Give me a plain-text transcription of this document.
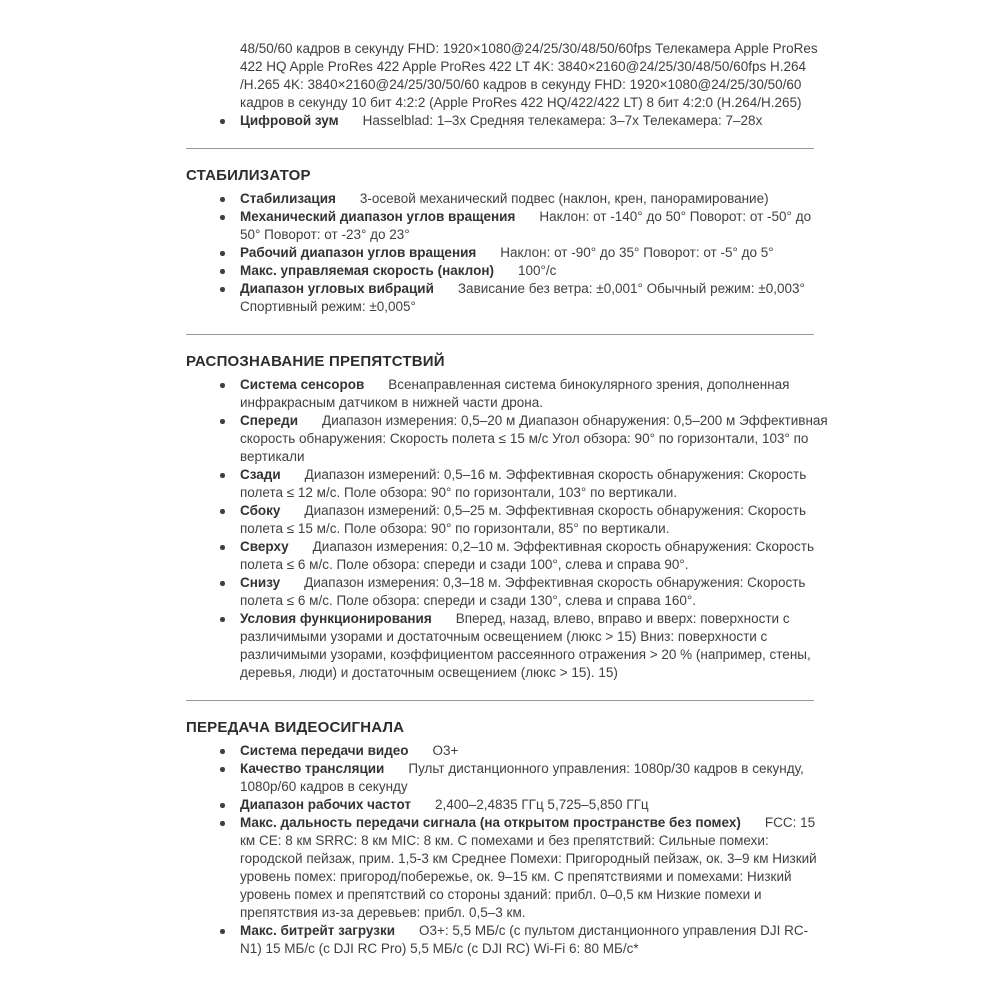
48/50/60 кадров в секунду FHD: 1920×1080@24/25/30/48/50/60fps Телекамера Apple ProRes 422 HQ Apple ProRes 422 Apple ProRes 422 LT 4K: 3840×2160@24/25/30/48/50/60fps H.264 /H.265 4K: 3840×2160@24/25/30/50/60 кадров в секунду FHD: 1920×1080@24/25/30/50/60 кадров в секунду 10 бит 4:2:2 (Apple ProRes 422 HQ/422/422 LT) 8 бит 4:2:0 (H.264/H.265)

Цифровой зум Hasselblad: 1–3x Средняя телекамера: 3–7x Телекамера: 7–28x
СТАБИЛИЗАТОР
Стабилизация 3-осевой механический подвес (наклон, крен, панорамирование)
Механический диапазон углов вращения Наклон: от -140° до 50° Поворот: от -50° до 50° Поворот: от -23° до 23°
Рабочий диапазон углов вращения Наклон: от -90° до 35° Поворот: от -5° до 5°
Макс. управляемая скорость (наклон) 100°/с
Диапазон угловых вибраций Зависание без ветра: ±0,001° Обычный режим: ±0,003° Спортивный режим: ±0,005°
РАСПОЗНАВАНИЕ ПРЕПЯТСТВИЙ
Система сенсоров Всенаправленная система бинокулярного зрения, дополненная инфракрасным датчиком в нижней части дрона.
Спереди Диапазон измерения: 0,5–20 м Диапазон обнаружения: 0,5–200 м Эффективная скорость обнаружения: Скорость полета ≤ 15 м/с Угол обзора: 90° по горизонтали, 103° по вертикали
Сзади Диапазон измерений: 0,5–16 м. Эффективная скорость обнаружения: Скорость полета ≤ 12 м/с. Поле обзора: 90° по горизонтали, 103° по вертикали.
Сбоку Диапазон измерений: 0,5–25 м. Эффективная скорость обнаружения: Скорость полета ≤ 15 м/с. Поле обзора: 90° по горизонтали, 85° по вертикали.
Сверху Диапазон измерения: 0,2–10 м. Эффективная скорость обнаружения: Скорость полета ≤ 6 м/с. Поле обзора: спереди и сзади 100°, слева и справа 90°.
Снизу Диапазон измерения: 0,3–18 м. Эффективная скорость обнаружения: Скорость полета ≤ 6 м/с. Поле обзора: спереди и сзади 130°, слева и справа 160°.
Условия функционирования Вперед, назад, влево, вправо и вверх: поверхности с различимыми узорами и достаточным освещением (люкс > 15) Вниз: поверхности с различимыми узорами, коэффициентом рассеянного отражения > 20 % (например, стены, деревья, люди) и достаточным освещением (люкс > 15). 15)
ПЕРЕДАЧА ВИДЕОСИГНАЛА
Система передачи видео O3+
Качество трансляции Пульт дистанционного управления: 1080p/30 кадров в секунду, 1080p/60 кадров в секунду
Диапазон рабочих частот 2,400–2,4835 ГГц 5,725–5,850 ГГц
Макс. дальность передачи сигнала (на открытом пространстве без помех) FCC: 15 км CE: 8 км SRRC: 8 км MIC: 8 км. С помехами и без препятствий: Сильные помехи: городской пейзаж, прим. 1,5-3 км Среднее Помехи: Пригородный пейзаж, ок. 3–9 км Низкий уровень помех: пригород/побережье, ок. 9–15 км. С препятствиями и помехами: Низкий уровень помех и препятствий со стороны зданий: прибл. 0–0,5 км Низкие помехи и препятствия из-за деревьев: прибл. 0,5–3 км.
Макс. битрейт загрузки O3+: 5,5 МБ/с (с пультом дистанционного управления DJI RC-N1) 15 МБ/с (с DJI RC Pro) 5,5 МБ/с (с DJI RC) Wi-Fi 6: 80 МБ/с*
